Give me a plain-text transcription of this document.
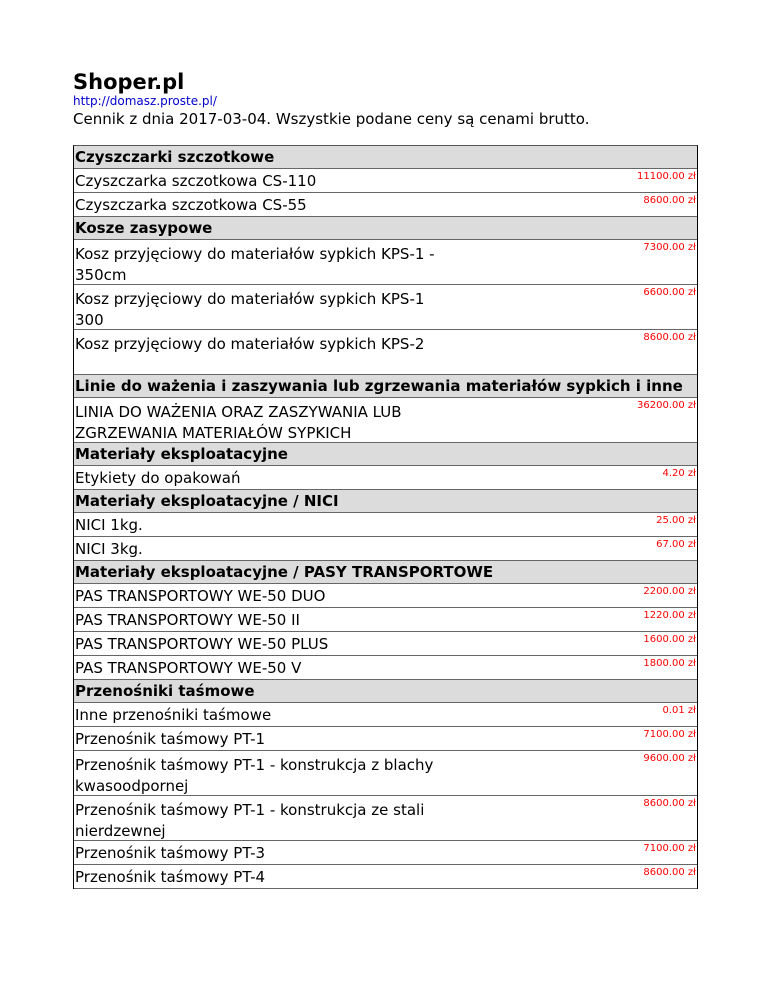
Shoper.pl
http://domasz.proste.pl/
Cennik z dnia 2017-03-04. Wszystkie podane ceny są cenami brutto.
Czyszczarki szczotkowe
Czyszczarka szczotkowa CS-110	11100.00 zł
Czyszczarka szczotkowa CS-55	8600.00 zł
Kosze zasypowe
Kosz przyjęciowy do materiałów sypkich KPS-1 - 350cm
7300.00 zł
Kosz przyjęciowy do materiałów sypkich KPS-1 300
6600.00 zł
Kosz przyjęciowy do materiałów sypkich KPS-2	8600.00 zł
Linie do ważenia i zaszywania lub zgrzewania materiałów sypkich i inne
LINIA DO WAŻENIA ORAZ ZASZYWANIA LUB ZGRZEWANIA MATERIAŁÓW SYPKICH
36200.00 zł
Materiały eksploatacyjne
Etykiety do opakowań	4.20 zł
Materiały eksploatacyjne / NICI
NICI 1kg.	25.00 zł
NICI 3kg.	67.00 zł
Materiały eksploatacyjne / PASY TRANSPORTOWE
PAS TRANSPORTOWY WE-50 DUO	2200.00 zł
PAS TRANSPORTOWY WE-50 II	1220.00 zł
PAS TRANSPORTOWY WE-50 PLUS	1600.00 zł
PAS TRANSPORTOWY WE-50 V	1800.00 zł
Przenośniki taśmowe
Inne przenośniki taśmowe	0.01 zł
Przenośnik taśmowy PT-1	7100.00 zł
Przenośnik taśmowy PT-1 - konstrukcja z blachy kwasoodpornej
9600.00 zł
Przenośnik taśmowy PT-1 - konstrukcja ze stali nierdzewnej
8600.00 zł
Przenośnik taśmowy PT-3	7100.00 zł
Przenośnik taśmowy PT-4	8600.00 zł
